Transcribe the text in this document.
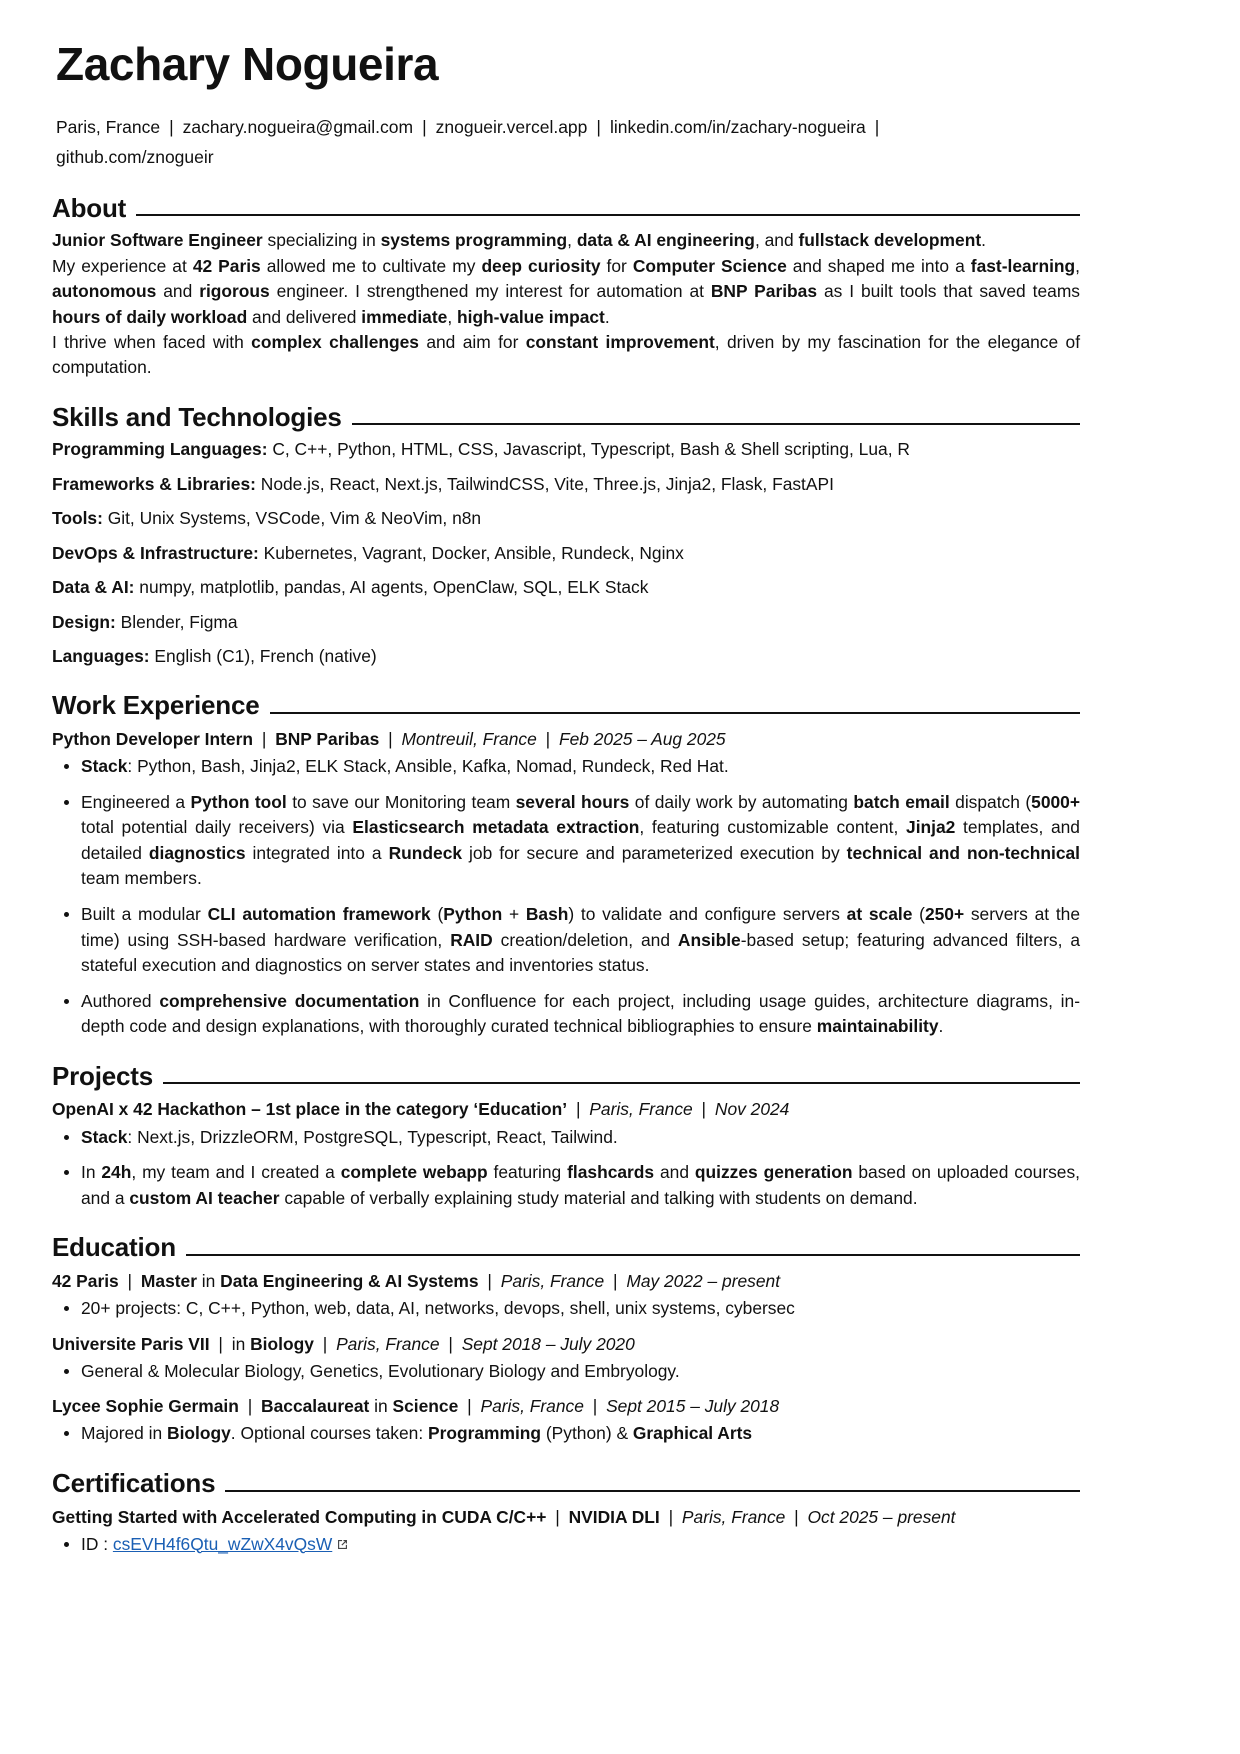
Zachary Nogueira
Paris, France | zachary.nogueira@gmail.com | znogueir.vercel.app | linkedin.com/in/zachary-nogueira |github.com/znogueir
About

Junior Software Engineer specializing in systems programming, data & AI engineering, and fullstack development.

My experience at 42 Paris allowed me to cultivate my deep curiosity for Computer Science and shaped me into a fast-learning, autonomous and rigorous engineer. I strengthened my interest for automation at BNP Paribas as I built tools that saved teams hours of daily workload and delivered immediate, high-value impact.

I thrive when faced with complex challenges and aim for constant improvement, driven by my fascination for the elegance of computation.

Skills and Technologies
Programming Languages: C, C++, Python, HTML, CSS, Javascript, Typescript, Bash & Shell scripting, Lua, R
Frameworks & Libraries: Node.js, React, Next.js, TailwindCSS, Vite, Three.js, Jinja2, Flask, FastAPI
Tools: Git, Unix Systems, VSCode, Vim & NeoVim, n8n
DevOps & Infrastructure: Kubernetes, Vagrant, Docker, Ansible, Rundeck, Nginx
Data & AI: numpy, matplotlib, pandas, AI agents, OpenClaw, SQL, ELK Stack
Design: Blender, Figma
Languages: English (C1), French (native)
Work Experience
Python Developer Intern | BNP Paribas | Montreuil, France | Feb 2025 – Aug 2025
Stack: Python, Bash, Jinja2, ELK Stack, Ansible, Kafka, Nomad, Rundeck, Red Hat.
Engineered a Python tool to save our Monitoring team several hours of daily work by automating batch email dispatch (5000+ total potential daily receivers) via Elasticsearch metadata extraction, featuring customizable content, Jinja2 templates, and detailed diagnostics integrated into a Rundeck job for secure and parameterized execution by technical and non-technical team members.
Built a modular CLI automation framework (Python + Bash) to validate and configure servers at scale (250+ servers at the time) using SSH-based hardware verification, RAID creation/deletion, and Ansible-based setup; featuring advanced filters, a stateful execution and diagnostics on server states and inventories status.
Authored comprehensive documentation in Confluence for each project, including usage guides, architecture diagrams, in-depth code and design explanations, with thoroughly curated technical bibliographies to ensure maintainability.
Projects
OpenAI x 42 Hackathon – 1st place in the category ‘Education’ | Paris, France | Nov 2024
Stack: Next.js, DrizzleORM, PostgreSQL, Typescript, React, Tailwind.
In 24h, my team and I created a complete webapp featuring flashcards and quizzes generation based on uploaded courses, and a custom AI teacher capable of verbally explaining study material and talking with students on demand.
Education
42 Paris | Master in Data Engineering & AI Systems | Paris, France | May 2022 – present
20+ projects: C, C++, Python, web, data, AI, networks, devops, shell, unix systems, cybersec
Universite Paris VII | in Biology | Paris, France | Sept 2018 – July 2020
General & Molecular Biology, Genetics, Evolutionary Biology and Embryology.
Lycee Sophie Germain | Baccalaureat in Science | Paris, France | Sept 2015 – July 2018
Majored in Biology. Optional courses taken: Programming (Python) & Graphical Arts
Certifications
Getting Started with Accelerated Computing in CUDA C/C++ | NVIDIA DLI | Paris, France | Oct 2025 – present
ID : csEVH4f6Qtu_wZwX4vQsW
